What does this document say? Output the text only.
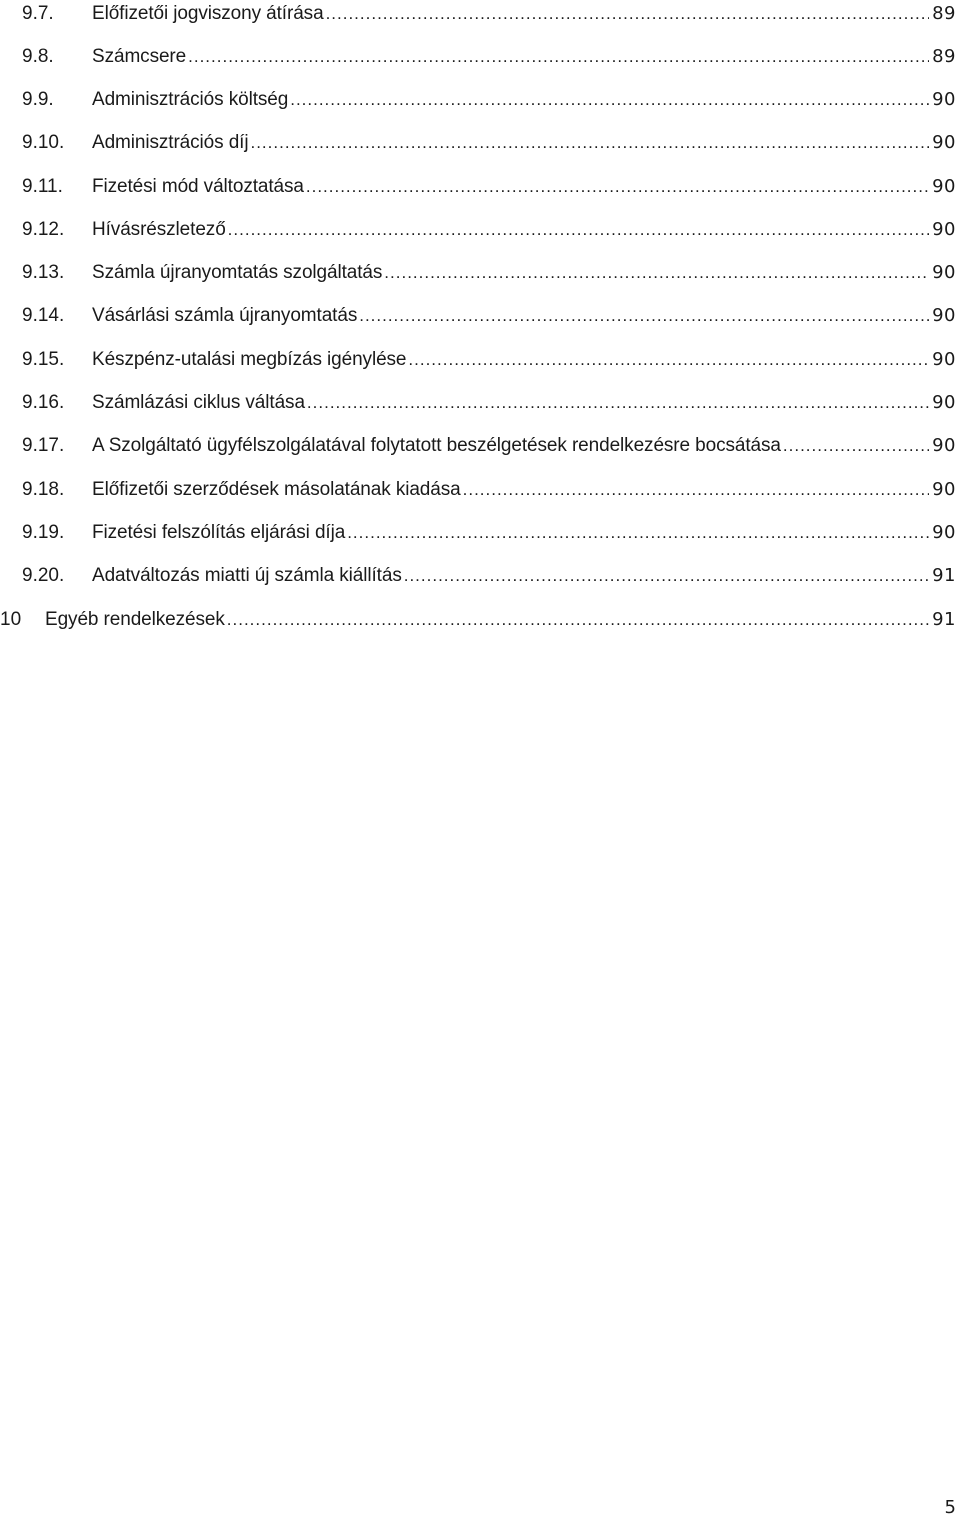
9.7. Előfizetői jogviszony átírása .....	89
9.8. Számcsere .....	89
9.9. Adminisztrációs költség .....	90
9.10. Adminisztrációs díj .....	90
9.11. Fizetési mód változtatása .....	90
9.12. Hívásrészletező .....	90
9.13. Számla újranyomtatás szolgáltatás .....	90
9.14. Vásárlási számla újranyomtatás .....	90
9.15. Készpénz-utalási megbízás igénylése .....	90
9.16. Számlázási ciklus váltása .....	90
9.17. A Szolgáltató ügyfélszolgálatával folytatott beszélgetések rendelkezésre bocsátása .....	90
9.18. Előfizetői szerződések másolatának kiadása .....	90
9.19. Fizetési felszólítás eljárási díja .....	90
9.20. Adatváltozás miatti új számla kiállítás .....	91
10 Egyéb rendelkezések .....	91
5
